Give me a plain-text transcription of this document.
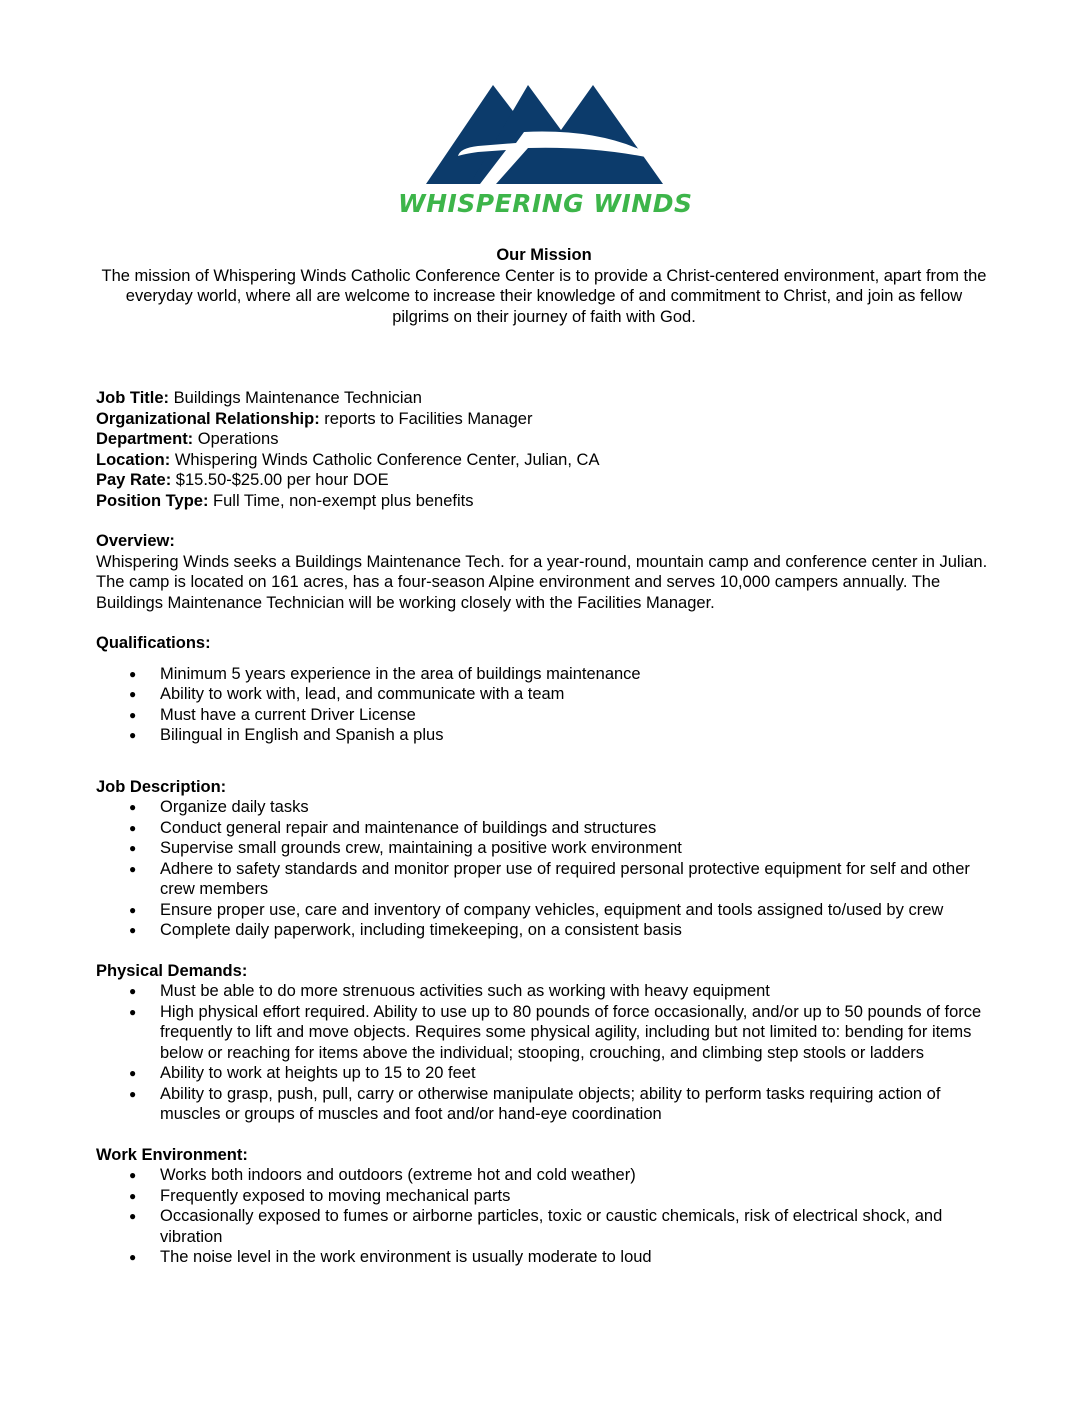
WHISPERING WINDS
Our Mission
The mission of Whispering Winds Catholic Conference Center is to provide a Christ-centered environment, apart from the everyday world, where all are welcome to increase their knowledge of and commitment to Christ, and join as fellow pilgrims on their journey of faith with God.
Job Title: Buildings Maintenance Technician
Organizational Relationship: reports to Facilities Manager
Department: Operations
Location: Whispering Winds Catholic Conference Center, Julian, CA
Pay Rate: $15.50-$25.00 per hour DOE
Position Type: Full Time, non-exempt plus benefits
Overview:
Whispering Winds seeks a Buildings Maintenance Tech. for a year-round, mountain camp and conference center in Julian. The camp is located on 161 acres, has a four-season Alpine environment and serves 10,000 campers annually. The Buildings Maintenance Technician will be working closely with the Facilities Manager.
Qualifications:
● Minimum 5 years experience in the area of buildings maintenance
● Ability to work with, lead, and communicate with a team
● Must have a current Driver License
● Bilingual in English and Spanish a plus
Job Description:
● Organize daily tasks
● Conduct general repair and maintenance of buildings and structures
● Supervise small grounds crew, maintaining a positive work environment
● Adhere to safety standards and monitor proper use of required personal protective equipment for self and other crew members
● Ensure proper use, care and inventory of company vehicles, equipment and tools assigned to/used by crew
● Complete daily paperwork, including timekeeping, on a consistent basis
Physical Demands:
● Must be able to do more strenuous activities such as working with heavy equipment
● High physical effort required. Ability to use up to 80 pounds of force occasionally, and/or up to 50 pounds of force frequently to lift and move objects. Requires some physical agility, including but not limited to: bending for items below or reaching for items above the individual; stooping, crouching, and climbing step stools or ladders
● Ability to work at heights up to 15 to 20 feet
● Ability to grasp, push, pull, carry or otherwise manipulate objects; ability to perform tasks requiring action of muscles or groups of muscles and foot and/or hand-eye coordination
Work Environment:
● Works both indoors and outdoors (extreme hot and cold weather)
● Frequently exposed to moving mechanical parts
● Occasionally exposed to fumes or airborne particles, toxic or caustic chemicals, risk of electrical shock, and vibration
● The noise level in the work environment is usually moderate to loud
